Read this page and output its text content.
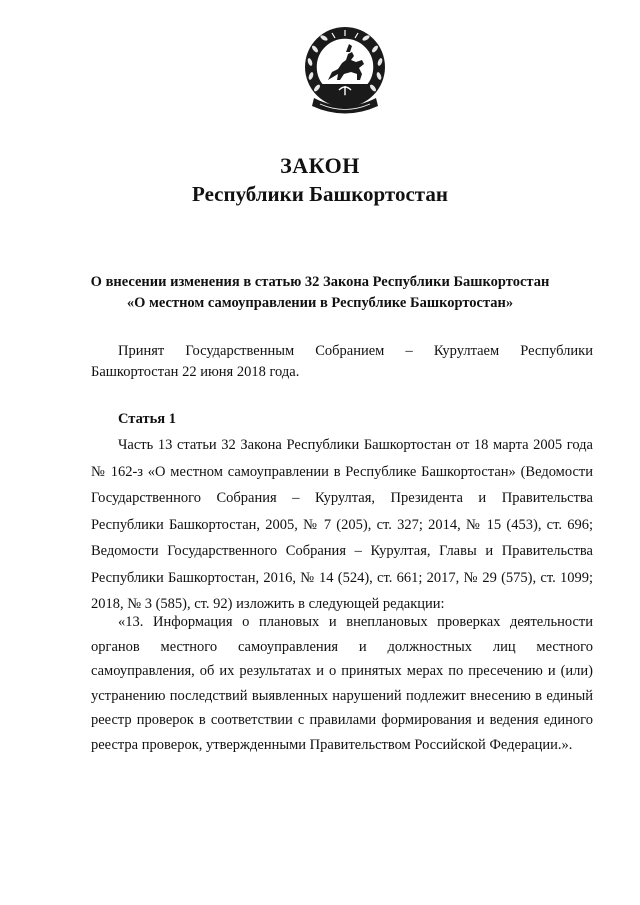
ЗАКОН
Республики Башкортостан
О внесении изменения в статью 32 Закона Республики Башкортостан
«О местном самоуправлении в Республике Башкортостан»
Принят Государственным Собранием – Курултаем Республики
Башкортостан 22 июня 2018 года.
Статья 1
Часть 13 статьи 32 Закона Республики Башкортостан от 18 марта 2005 года
№ 162-з «О местном самоуправлении в Республике Башкортостан» (Ведомости
Государственного Собрания – Курултая, Президента и Правительства
Республики Башкортостан, 2005, № 7 (205), ст. 327; 2014, № 15 (453), ст. 696;
Ведомости Государственного Собрания – Курултая, Главы и Правительства
Республики Башкортостан, 2016, № 14 (524), ст. 661; 2017, № 29 (575), ст. 1099;
2018, № 3 (585), ст. 92) изложить в следующей редакции:
«13. Информация о плановых и внеплановых проверках деятельности
органов местного самоуправления и должностных лиц местного
самоуправления, об их результатах и о принятых мерах по пресечению и (или)
устранению последствий выявленных нарушений подлежит внесению в единый
реестр проверок в соответствии с правилами формирования и ведения единого
реестра проверок, утвержденными Правительством Российской Федерации.».
